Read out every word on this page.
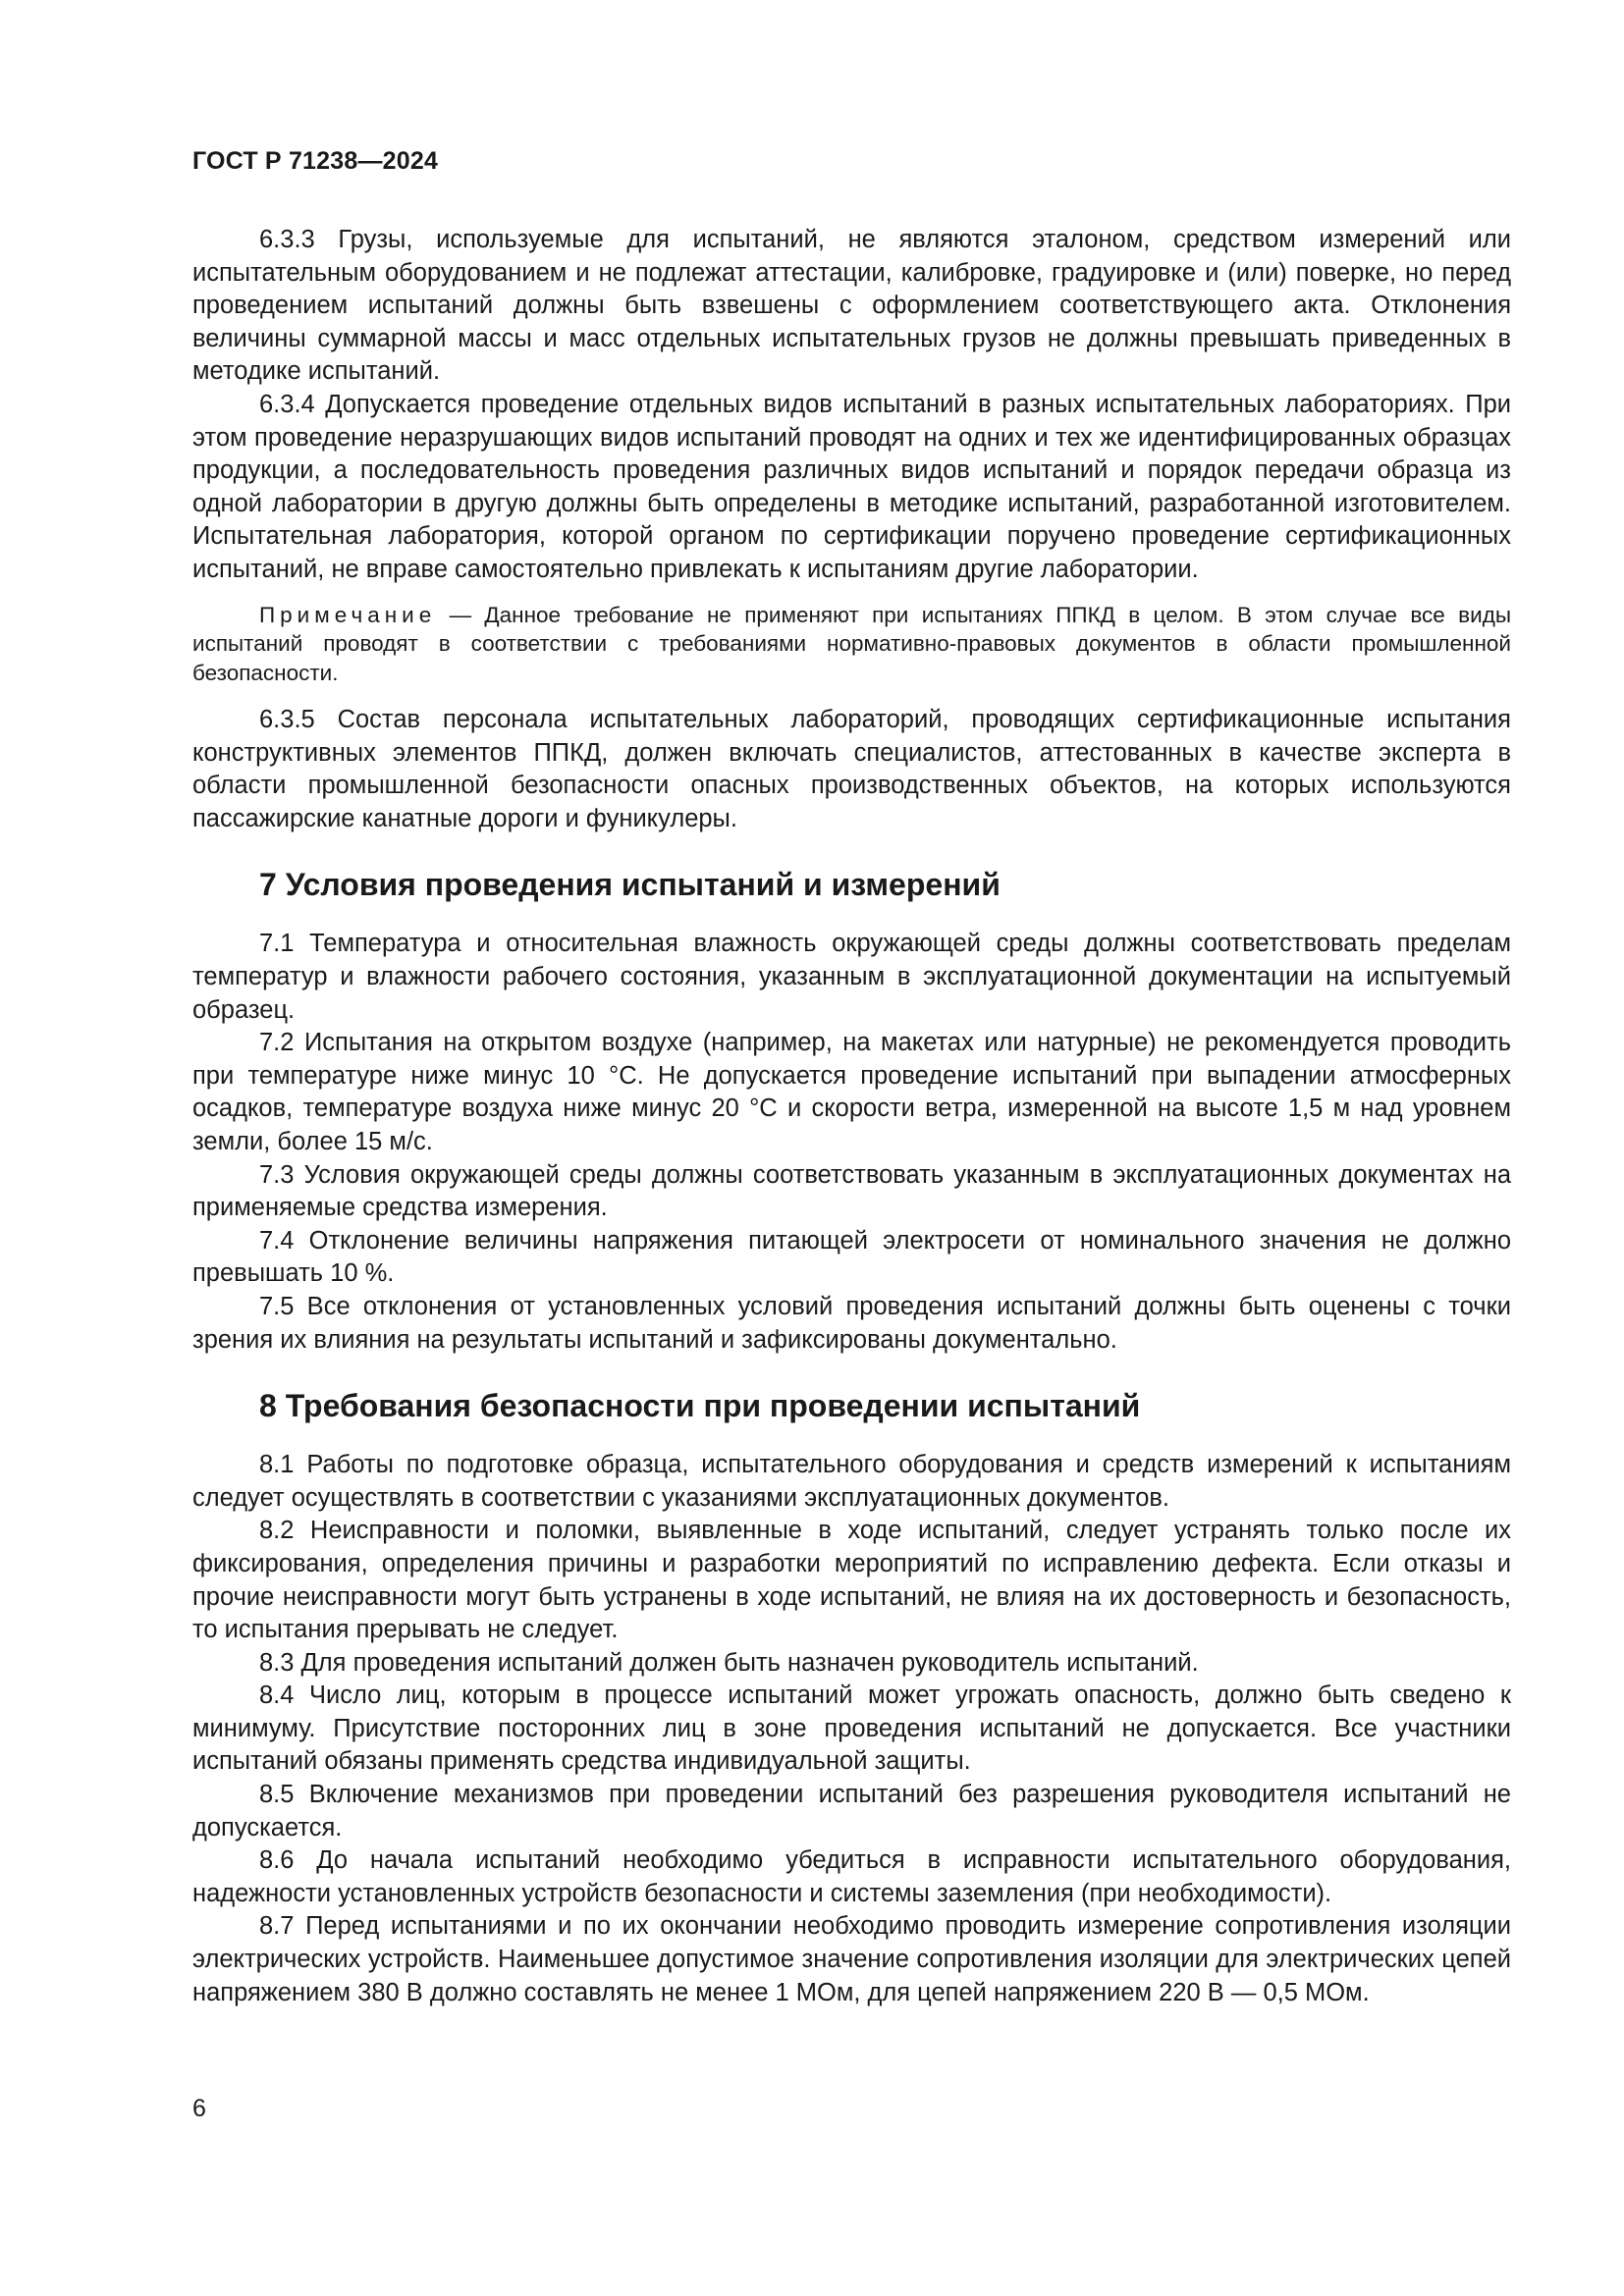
ГОСТ Р 71238—2024

6.3.3 Грузы, используемые для испытаний, не являются эталоном, средством измерений или испытательным оборудованием и не подлежат аттестации, калибровке, градуировке и (или) поверке, но перед проведением испытаний должны быть взвешены с оформлением соответствующего акта. Отклонения величины суммарной массы и масс отдельных испытательных грузов не должны превышать приведенных в методике испытаний.

6.3.4 Допускается проведение отдельных видов испытаний в разных испытательных лабораториях. При этом проведение неразрушающих видов испытаний проводят на одних и тех же идентифицированных образцах продукции, а последовательность проведения различных видов испытаний и порядок передачи образца из одной лаборатории в другую должны быть определены в методике испытаний, разработанной изготовителем. Испытательная лаборатория, которой органом по сертификации поручено проведение сертификационных испытаний, не вправе самостоятельно привлекать к испытаниям другие лаборатории.

Примечание — Данное требование не применяют при испытаниях ППКД в целом. В этом случае все виды испытаний проводят в соответствии с требованиями нормативно-правовых документов в области промышленной безопасности.

6.3.5 Состав персонала испытательных лабораторий, проводящих сертификационные испытания конструктивных элементов ППКД, должен включать специалистов, аттестованных в качестве эксперта в области промышленной безопасности опасных производственных объектов, на которых используются пассажирские канатные дороги и фуникулеры.

7 Условия проведения испытаний и измерений

7.1 Температура и относительная влажность окружающей среды должны соответствовать пределам температур и влажности рабочего состояния, указанным в эксплуатационной документации на испытуемый образец.

7.2 Испытания на открытом воздухе (например, на макетах или натурные) не рекомендуется проводить при температуре ниже минус 10 °С. Не допускается проведение испытаний при выпадении атмосферных осадков, температуре воздуха ниже минус 20 °С и скорости ветра, измеренной на высоте 1,5 м над уровнем земли, более 15 м/с.

7.3 Условия окружающей среды должны соответствовать указанным в эксплуатационных документах на применяемые средства измерения.

7.4 Отклонение величины напряжения питающей электросети от номинального значения не должно превышать 10 %.

7.5 Все отклонения от установленных условий проведения испытаний должны быть оценены с точки зрения их влияния на результаты испытаний и зафиксированы документально.

8 Требования безопасности при проведении испытаний

8.1 Работы по подготовке образца, испытательного оборудования и средств измерений к испытаниям следует осуществлять в соответствии с указаниями эксплуатационных документов.

8.2 Неисправности и поломки, выявленные в ходе испытаний, следует устранять только после их фиксирования, определения причины и разработки мероприятий по исправлению дефекта. Если отказы и прочие неисправности могут быть устранены в ходе испытаний, не влияя на их достоверность и безопасность, то испытания прерывать не следует.

8.3 Для проведения испытаний должен быть назначен руководитель испытаний.

8.4 Число лиц, которым в процессе испытаний может угрожать опасность, должно быть сведено к минимуму. Присутствие посторонних лиц в зоне проведения испытаний не допускается. Все участники испытаний обязаны применять средства индивидуальной защиты.

8.5 Включение механизмов при проведении испытаний без разрешения руководителя испытаний не допускается.

8.6 До начала испытаний необходимо убедиться в исправности испытательного оборудования, надежности установленных устройств безопасности и системы заземления (при необходимости).

8.7 Перед испытаниями и по их окончании необходимо проводить измерение сопротивления изоляции электрических устройств. Наименьшее допустимое значение сопротивления изоляции для электрических цепей напряжением 380 В должно составлять не менее 1 МОм, для цепей напряжением 220 В — 0,5 МОм.

6
